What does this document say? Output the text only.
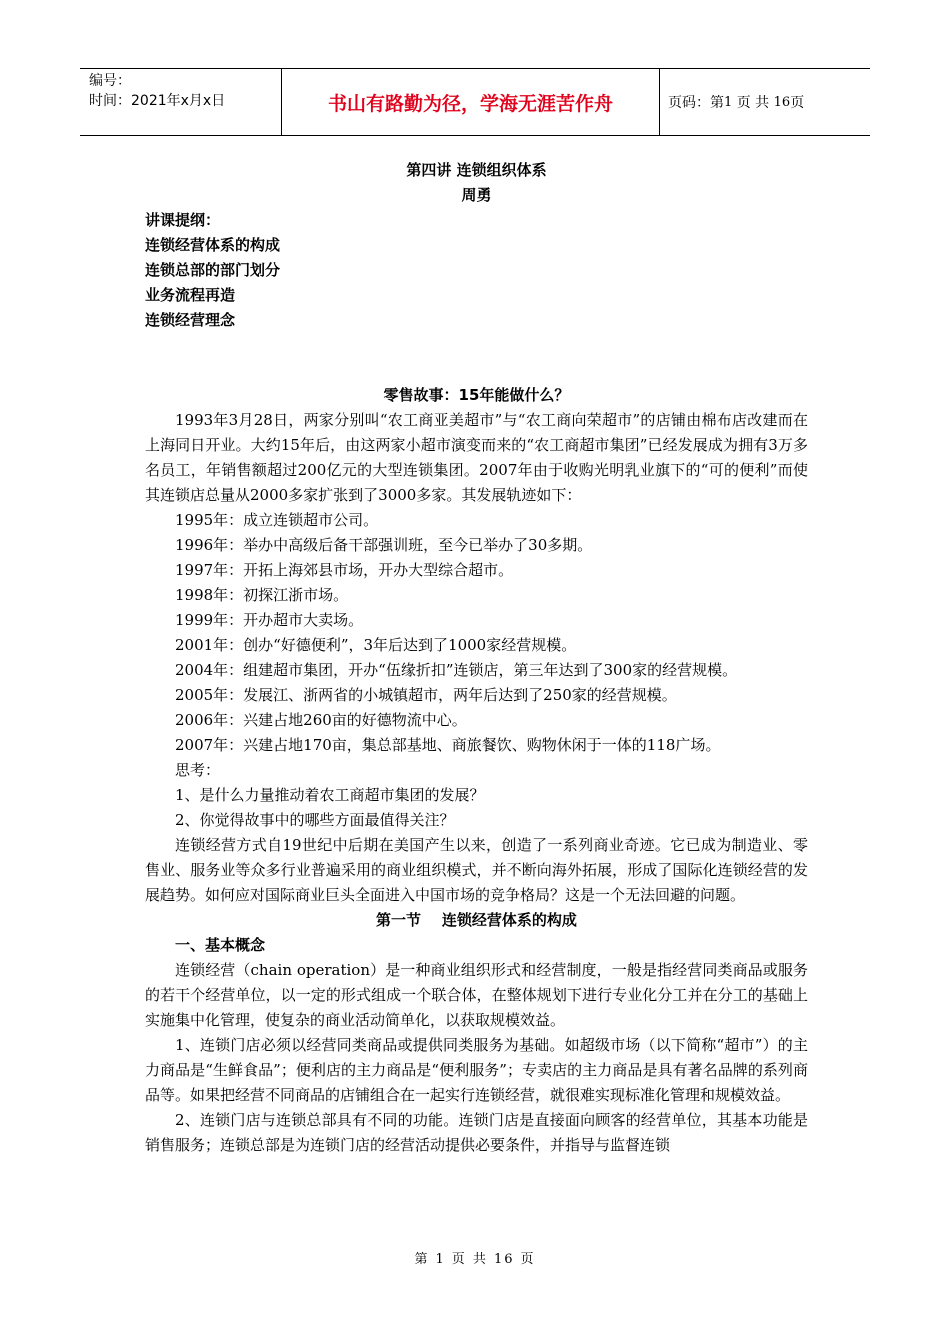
编号：
时间：2021年x月x日	书山有路勤为径，学海无涯苦作舟	页码：第 1
页 共
16 页
第四讲 连锁组织体系
周勇

讲课提纲：

连锁经营体系的构成

连锁总部的部门划分

业务流程再造

连锁经营理念

零售故事：15年能做什么？

1993年3月28日，两家分别叫“农工商亚美超市”与“农工商向荣超市”的店铺由棉布店改建而在上海同日开业。大约15年后，由这两家小超市演变而来的“农工商超市集团”已经发展成为拥有3万多名员工，年销售额超过200亿元的大型连锁集团。2007年由于收购光明乳业旗下的“可的便利”而使其连锁店总量从2000多家扩张到了3000多家。其发展轨迹如下：

1995年：成立连锁超市公司。

1996年：举办中高级后备干部强训班，至今已举办了30多期。

1997年：开拓上海郊县市场，开办大型综合超市。

1998年：初探江浙市场。

1999年：开办超市大卖场。

2001年：创办“好德便利”，3年后达到了1000家经营规模。

2004年：组建超市集团，开办“伍缘折扣”连锁店，第三年达到了300家的经营规模。

2005年：发展江、浙两省的小城镇超市，两年后达到了250家的经营规模。

2006年：兴建占地260亩的好德物流中心。

2007年：兴建占地170亩，集总部基地、商旅餐饮、购物休闲于一体的118广场。

思考：

1、是什么力量推动着农工商超市集团的发展？

2、你觉得故事中的哪些方面最值得关注？

连锁经营方式自19世纪中后期在美国产生以来，创造了一系列商业奇迹。它已成为制造业、零售业、服务业等众多行业普遍采用的商业组织模式，并不断向海外拓展，形成了国际化连锁经营的发展趋势。如何应对国际商业巨头全面进入中国市场的竞争格局？这是一个无法回避的问题。

第一节    连锁经营体系的构成

一、基本概念

连锁经营（chain operation）是一种商业组织形式和经营制度，一般是指经营同类商品或服务的若干个经营单位，以一定的形式组成一个联合体，在整体规划下进行专业化分工并在分工的基础上实施集中化管理，使复杂的商业活动简单化，以获取规模效益。

1、连锁门店必须以经营同类商品或提供同类服务为基础。如超级市场（以下简称“超市”）的主力商品是“生鲜食品”；便利店的主力商品是“便利服务”；专卖店的主力商品是具有著名品牌的系列商品等。如果把经营不同商品的店铺组合在一起实行连锁经营，就很难实现标准化管理和规模效益。

2、连锁门店与连锁总部具有不同的功能。连锁门店是直接面向顾客的经营单位，其基本功能是销售服务；连锁总部是为连锁门店的经营活动提供必要条件，并指导与监督连锁

第 1 页 共 16 页
